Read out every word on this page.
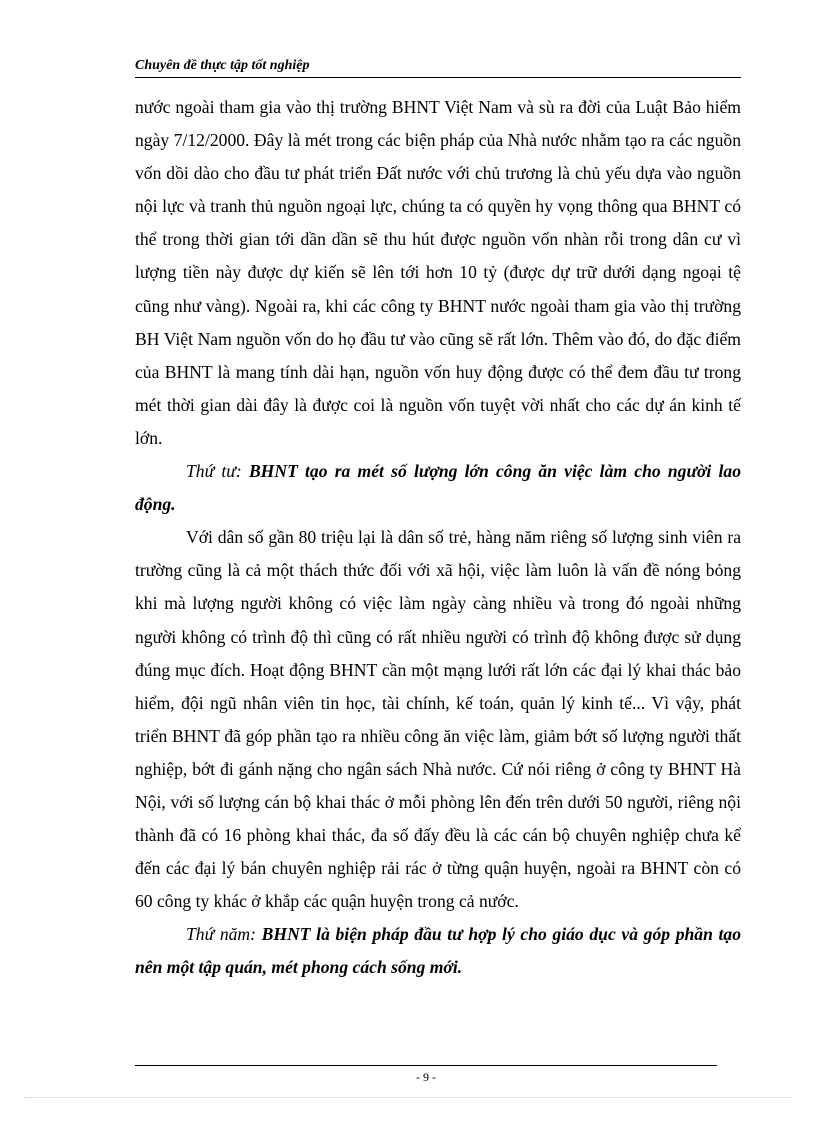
Chuyên đề thực tập tốt nghiệp

nước ngoài tham gia vào thị trường BHNT Việt Nam và sù ra đời của Luật Bảo hiểm ngày 7/12/2000. Đây là mét trong các biện pháp của Nhà nước nhằm tạo ra các nguồn vốn dồi dào cho đầu tư phát triển Đất nước với chủ trương là chủ yếu dựa vào nguồn nội lực và tranh thủ nguồn ngoại lực, chúng ta có quyền hy vọng thông qua BHNT có thể trong thời gian tới dần dần sẽ thu hút được nguồn vốn nhàn rỗi trong dân cư vì lượng tiền này được dự kiến sẽ lên tới hơn 10 tỷ (được dự trữ dưới dạng ngoại tệ cũng như vàng). Ngoài ra, khi các công ty BHNT nước ngoài tham gia vào thị trường BH Việt Nam nguồn vốn do họ đầu tư vào cũng sẽ rất lớn. Thêm vào đó, do đặc điểm của BHNT là mang tính dài hạn, nguồn vốn huy động được có thể đem đầu tư trong mét thời gian dài đây là được coi là nguồn vốn tuyệt vời nhất cho các dự án kinh tế lớn.

Thứ tư: BHNT tạo ra mét số lượng lớn công ăn việc làm cho người lao động.

Với dân số gần 80 triệu lại là dân số trẻ, hàng năm riêng số lượng sinh viên ra trường cũng là cả một thách thức đối với xã hội, việc làm luôn là vấn đề nóng bỏng khi mà lượng người không có việc làm ngày càng nhiều và trong đó ngoài những người không có trình độ thì cũng có rất nhiều người có trình độ không được sử dụng đúng mục đích. Hoạt động BHNT cần một mạng lưới rất lớn các đại lý khai thác bảo hiểm, đội ngũ nhân viên tin học, tài chính, kế toán, quản lý kinh tế... Vì vậy, phát triển BHNT đã góp phần tạo ra nhiều công ăn việc làm, giảm bớt số lượng người thất nghiệp, bớt đi gánh nặng cho ngân sách Nhà nước. Cứ nói riêng ở công ty BHNT Hà Nội, với số lượng cán bộ khai thác ở mỗi phòng lên đến trên dưới 50 người, riêng nội thành đã có 16 phòng khai thác, đa số đấy đều là các cán bộ chuyên nghiệp chưa kể đến các đại lý bán chuyên nghiệp rải rác ở từng quận huyện, ngoài ra BHNT còn có 60 công ty khác ở khắp các quận huyện trong cả nước.

Thứ năm: BHNT là biện pháp đầu tư hợp lý cho giáo dục và góp phần tạo nên một tập quán, mét phong cách sống mới.

- 9 -
